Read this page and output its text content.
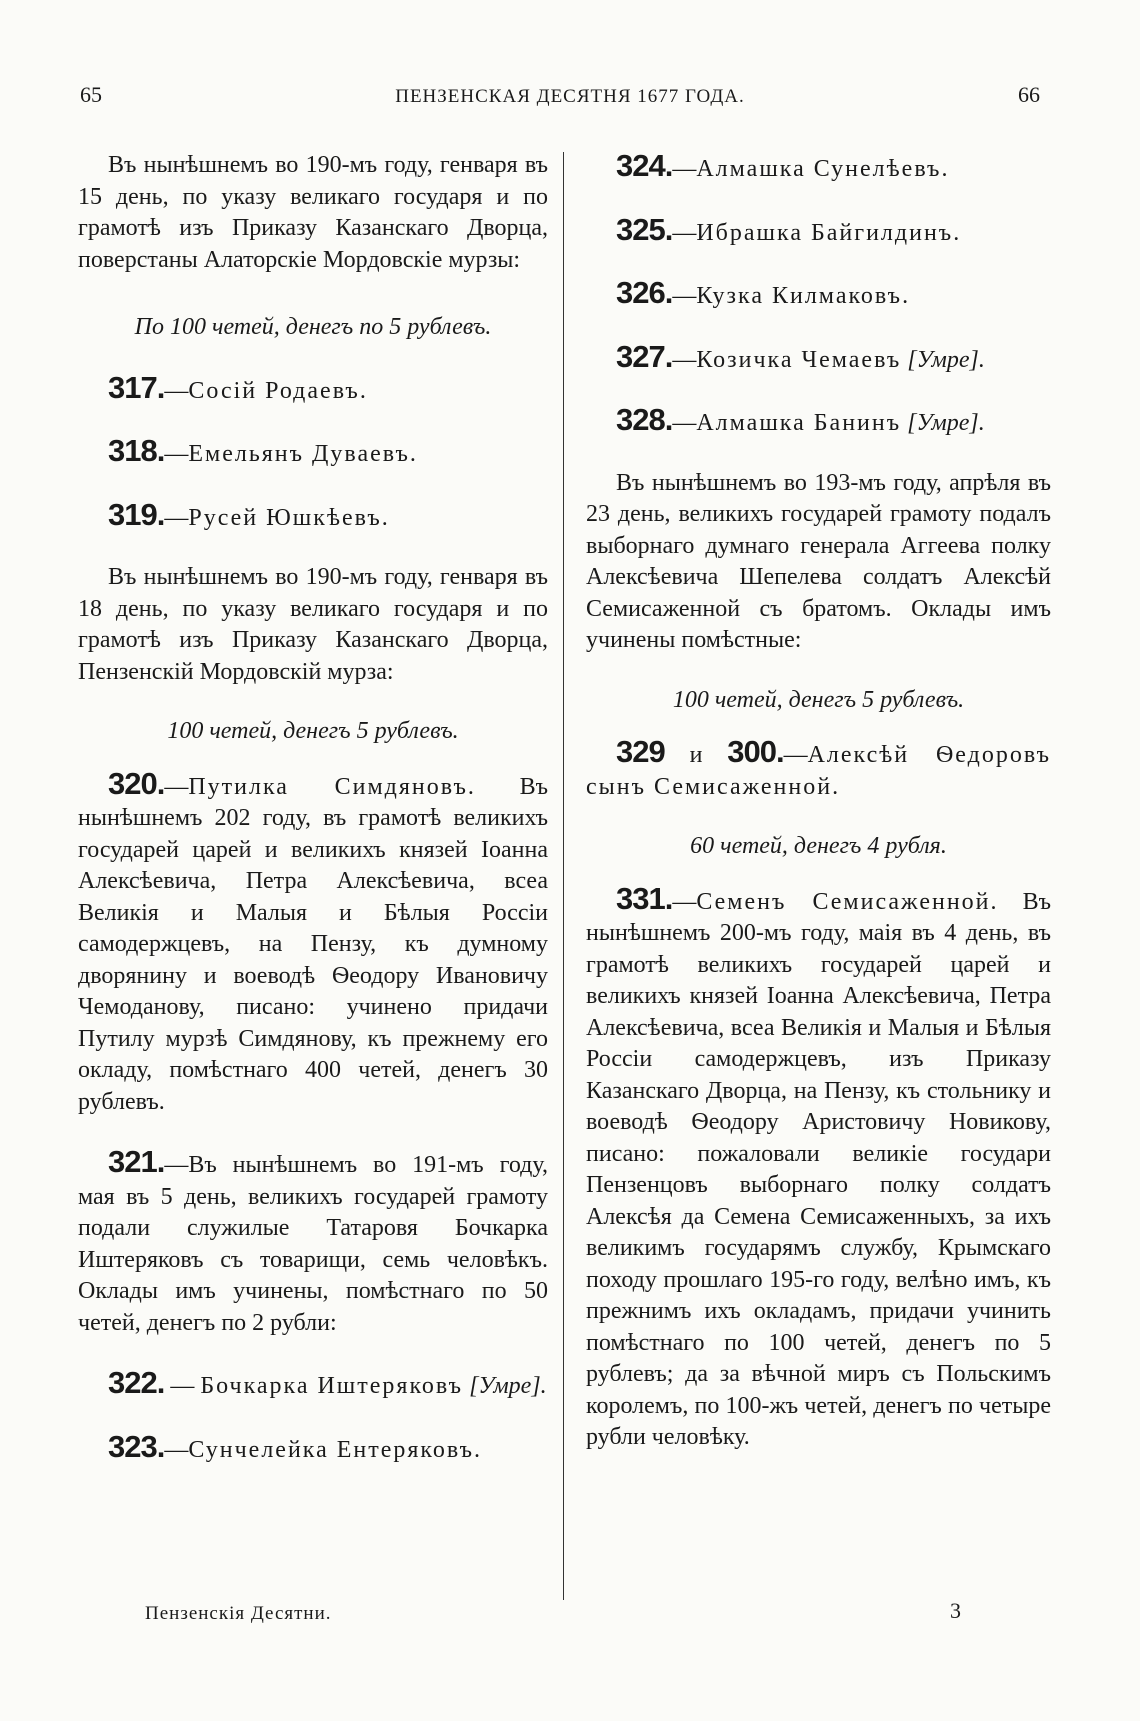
65	ПЕНЗЕНСКАЯ ДЕСЯТНЯ 1677 ГОДА.	66

Въ нынѣшнемъ во 190-мъ году, генваря въ 15 день, по указу великаго государя и по грамотѣ изъ Приказу Казанскаго Дворца, поверстаны Алаторскіе Мордовскіе мурзы:

По 100 четей, денегъ по 5 рублевъ.

317.—Сосій Родаевъ.

318.—Емельянъ Дуваевъ.

319.—Русей Юшкѣевъ.

Въ нынѣшнемъ во 190-мъ году, генваря въ 18 день, по указу великаго государя и по грамотѣ изъ Приказу Казанскаго Дворца, Пензенскій Мордовскій мурза:

100 четей, денегъ 5 рублевъ.

320.—Путилка Симдяновъ. Въ нынѣшнемъ 202 году, въ грамотѣ великихъ государей царей и великихъ князей Іоанна Алексѣевича, Петра Алексѣевича, всеа Великія и Малыя и Бѣлыя Россіи самодержцевъ, на Пензу, къ думному дворянину и воеводѣ Ѳеодору Ивановичу Чемоданову, писано: учинено придачи Путилу мурзѣ Симдянову, къ прежнему его окладу, помѣстнаго 400 четей, денегъ 30 рублевъ.

321.—Въ нынѣшнемъ во 191-мъ году, мая въ 5 день, великихъ государей грамоту подали служилые Татаровя Бочкарка Иштеряковъ съ товарищи, семь человѣкъ. Оклады имъ учинены, помѣстнаго по 50 четей, денегъ по 2 рубли:

322. — Бочкарка Иштеряковъ [Умре].

323.—Сунчелейка Ентеряковъ.

324.—Алмашка Сунелѣевъ.

325.—Ибрашка Байгилдинъ.

326.—Кузка Килмаковъ.

327.—Козичка Чемаевъ [Умре].

328.—Алмашка Банинъ [Умре].

Въ нынѣшнемъ во 193-мъ году, апрѣля въ 23 день, великихъ государей грамоту подалъ выборнаго думнаго генерала Аггеева полку Алексѣевича Шепелева солдатъ Алексѣй Семисаженной съ братомъ. Оклады имъ учинены помѣстные:

100 четей, денегъ 5 рублевъ.

329 и 300.—Алексѣй Ѳедоровъ сынъ Семисаженной.

60 четей, денегъ 4 рубля.

331.—Семенъ Семисаженной. Въ нынѣшнемъ 200-мъ году, маія въ 4 день, въ грамотѣ великихъ государей царей и великихъ князей Іоанна Алексѣевича, Петра Алексѣевича, всеа Великія и Малыя и Бѣлыя Россіи самодержцевъ, изъ Приказу Казанскаго Дворца, на Пензу, къ стольнику и воеводѣ Ѳеодору Аристовичу Новикову, писано: пожаловали великіе государи Пензенцовъ выборнаго полку солдатъ Алексѣя да Семена Семисаженныхъ, за ихъ великимъ государямъ службу, Крымскаго походу прошлаго 195-го году, велѣно имъ, къ прежнимъ ихъ окладамъ, придачи учинить помѣстнаго по 100 четей, денегъ по 5 рублевъ; да за вѣчной миръ съ Польскимъ королемъ, по 100-жъ четей, денегъ по четыре рубли человѣку.

Пензенскія Десятни.	3
